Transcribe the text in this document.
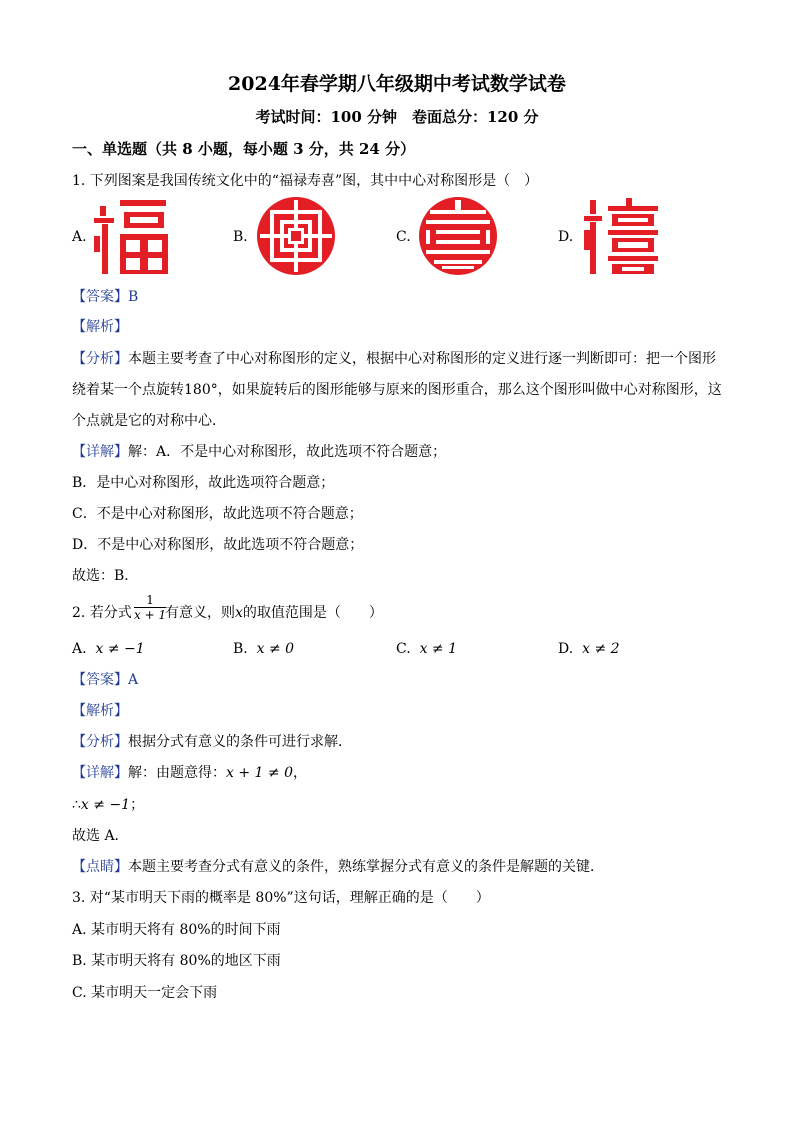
2024年春学期八年级期中考试数学试卷
考试时间：100 分钟　卷面总分：120 分
一、单选题（共 8 小题，每小题 3 分，共 24 分）
1. 下列图案是我国传统文化中的“福禄寿喜”图，其中中心对称图形是（　）
A.	B.	C.	D.
【答案】B
【解析】
【分析】本题主要考查了中心对称图形的定义，根据中心对称图形的定义进行逐一判断即可：把一个图形
绕着某一个点旋转180°，如果旋转后的图形能够与原来的图形重合，那么这个图形叫做中心对称图形，这
个点就是它的对称中心．
【详解】解：A．不是中心对称图形，故此选项不符合题意；
B．是中心对称图形，故此选项符合题意；
C．不是中心对称图形，故此选项不符合题意；
D．不是中心对称图形，故此选项不符合题意；
故选：B．
2. 若分式 $\frac{1}{x + 1}$
有意义，则x的取值范围是（　　）
A. x ≠ −1	B. x ≠ 0	C. x ≠ 1	D. x ≠ 2
【答案】A
【解析】
【分析】根据分式有意义的条件可进行求解．
【详解】解：由题意得：x + 1 ≠ 0，
∴x ≠ −1；
故选 A．
【点睛】本题主要考查分式有意义的条件，熟练掌握分式有意义的条件是解题的关键．
3. 对“某市明天下雨的概率是 80%”这句话，理解正确的是（　　）
A. 某市明天将有 80%的时间下雨
B. 某市明天将有 80%的地区下雨
C. 某市明天一定会下雨
